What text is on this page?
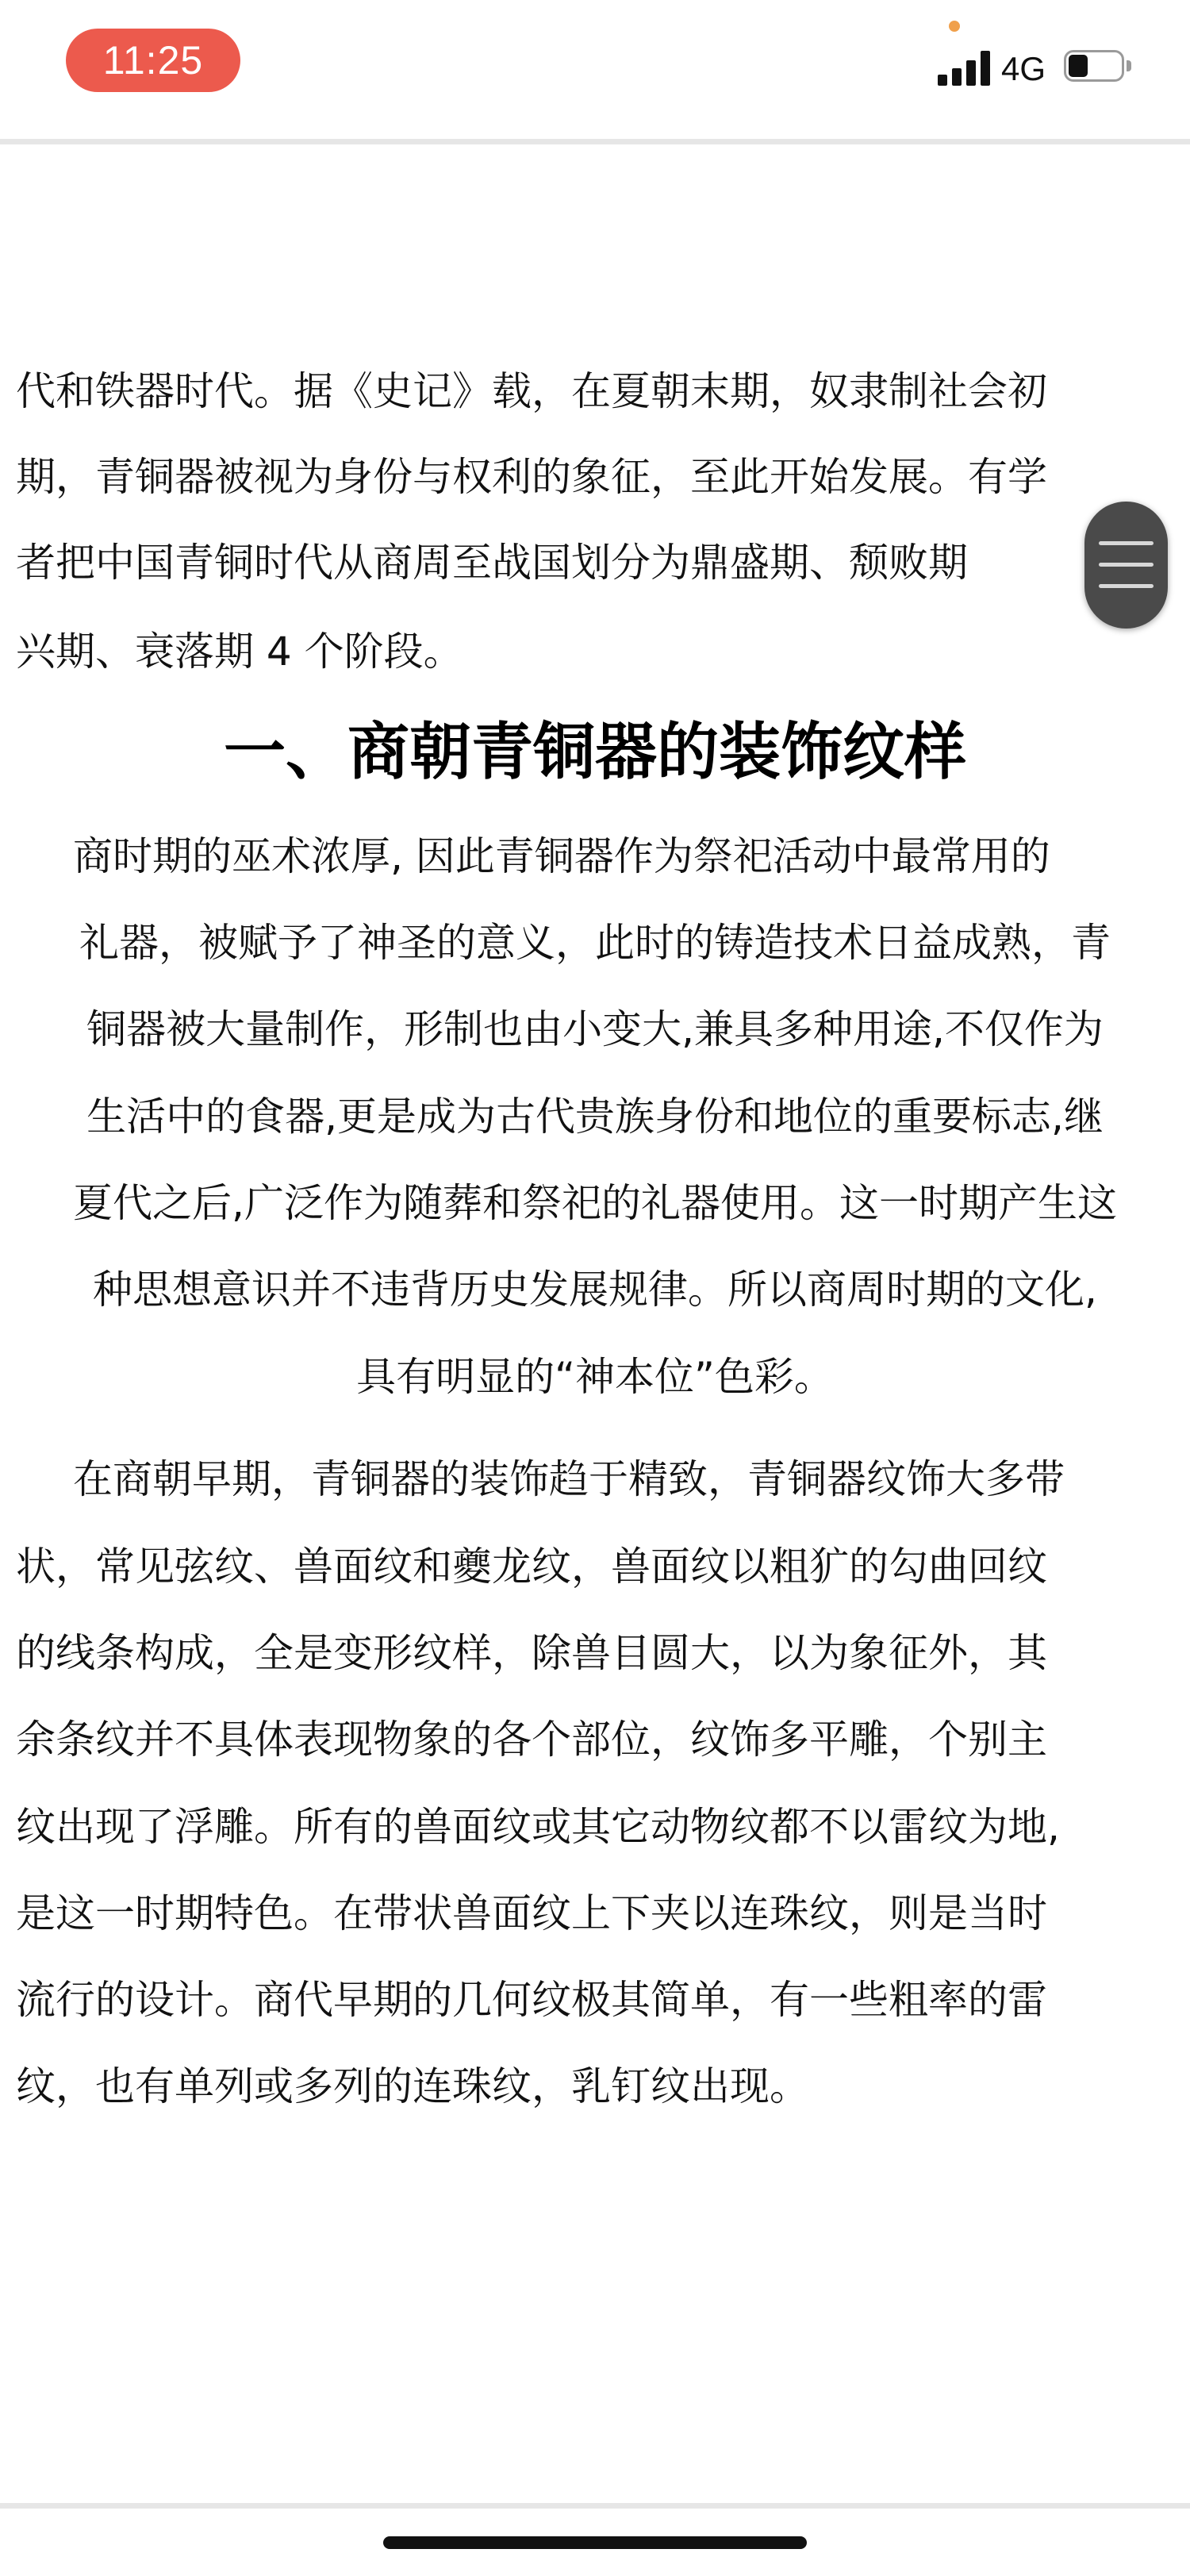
11:25	4G
代和铁器时代。据《史记》载，在夏朝末期，奴隶制社会初
期，青铜器被视为身份与权利的象征，至此开始发展。有学
者把中国青铜时代从商周至战国划分为鼎盛期、颓败期
兴期、衰落期 4 个阶段。
一、商朝青铜器的装饰纹样
商时期的巫术浓厚, 因此青铜器作为祭祀活动中最常用的
礼器，被赋予了神圣的意义，此时的铸造技术日益成熟，青
铜器被大量制作，形制也由小变大,兼具多种用途,不仅作为
生活中的食器,更是成为古代贵族身份和地位的重要标志,继
夏代之后,广泛作为随葬和祭祀的礼器使用。这一时期产生这
种思想意识并不违背历史发展规律。所以商周时期的文化,
具有明显的“神本位”色彩。
在商朝早期，青铜器的装饰趋于精致，青铜器纹饰大多带
状，常见弦纹、兽面纹和夔龙纹，兽面纹以粗犷的勾曲回纹
的线条构成，全是变形纹样，除兽目圆大，以为象征外，其
余条纹并不具体表现物象的各个部位，纹饰多平雕，个别主
纹出现了浮雕。所有的兽面纹或其它动物纹都不以雷纹为地,
是这一时期特色。在带状兽面纹上下夹以连珠纹，则是当时
流行的设计。商代早期的几何纹极其简单，有一些粗率的雷
纹，也有单列或多列的连珠纹，乳钉纹出现。
